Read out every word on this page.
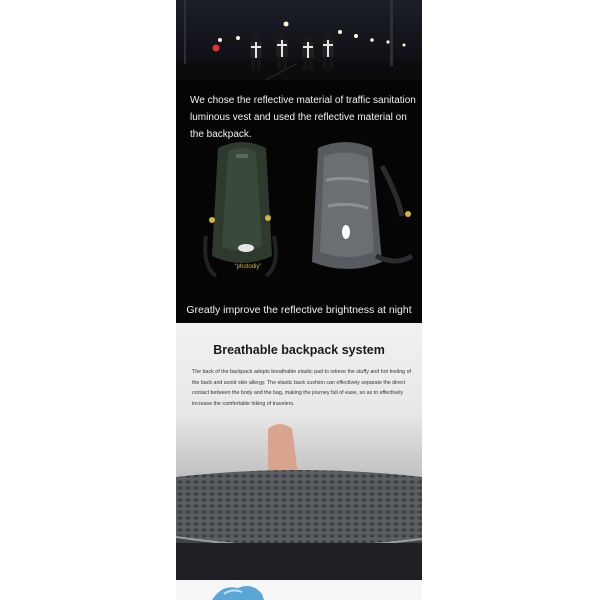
We chose the reflective material of traffic sanitation
luminous vest and used the reflective material on
the backpack.
“photodiy”
Greatly improve the reflective brightness at night
Breathable backpack system
The back of the backpack adopts breathable elastic pad to relieve the stuffy and hot feeling of the back and avoid skin allergy. The elastic back cushion can effectively separate the direct contact between the body and the bag, making the journey full of ease, so as to effectively increase the comfortable hiking of travelers.
